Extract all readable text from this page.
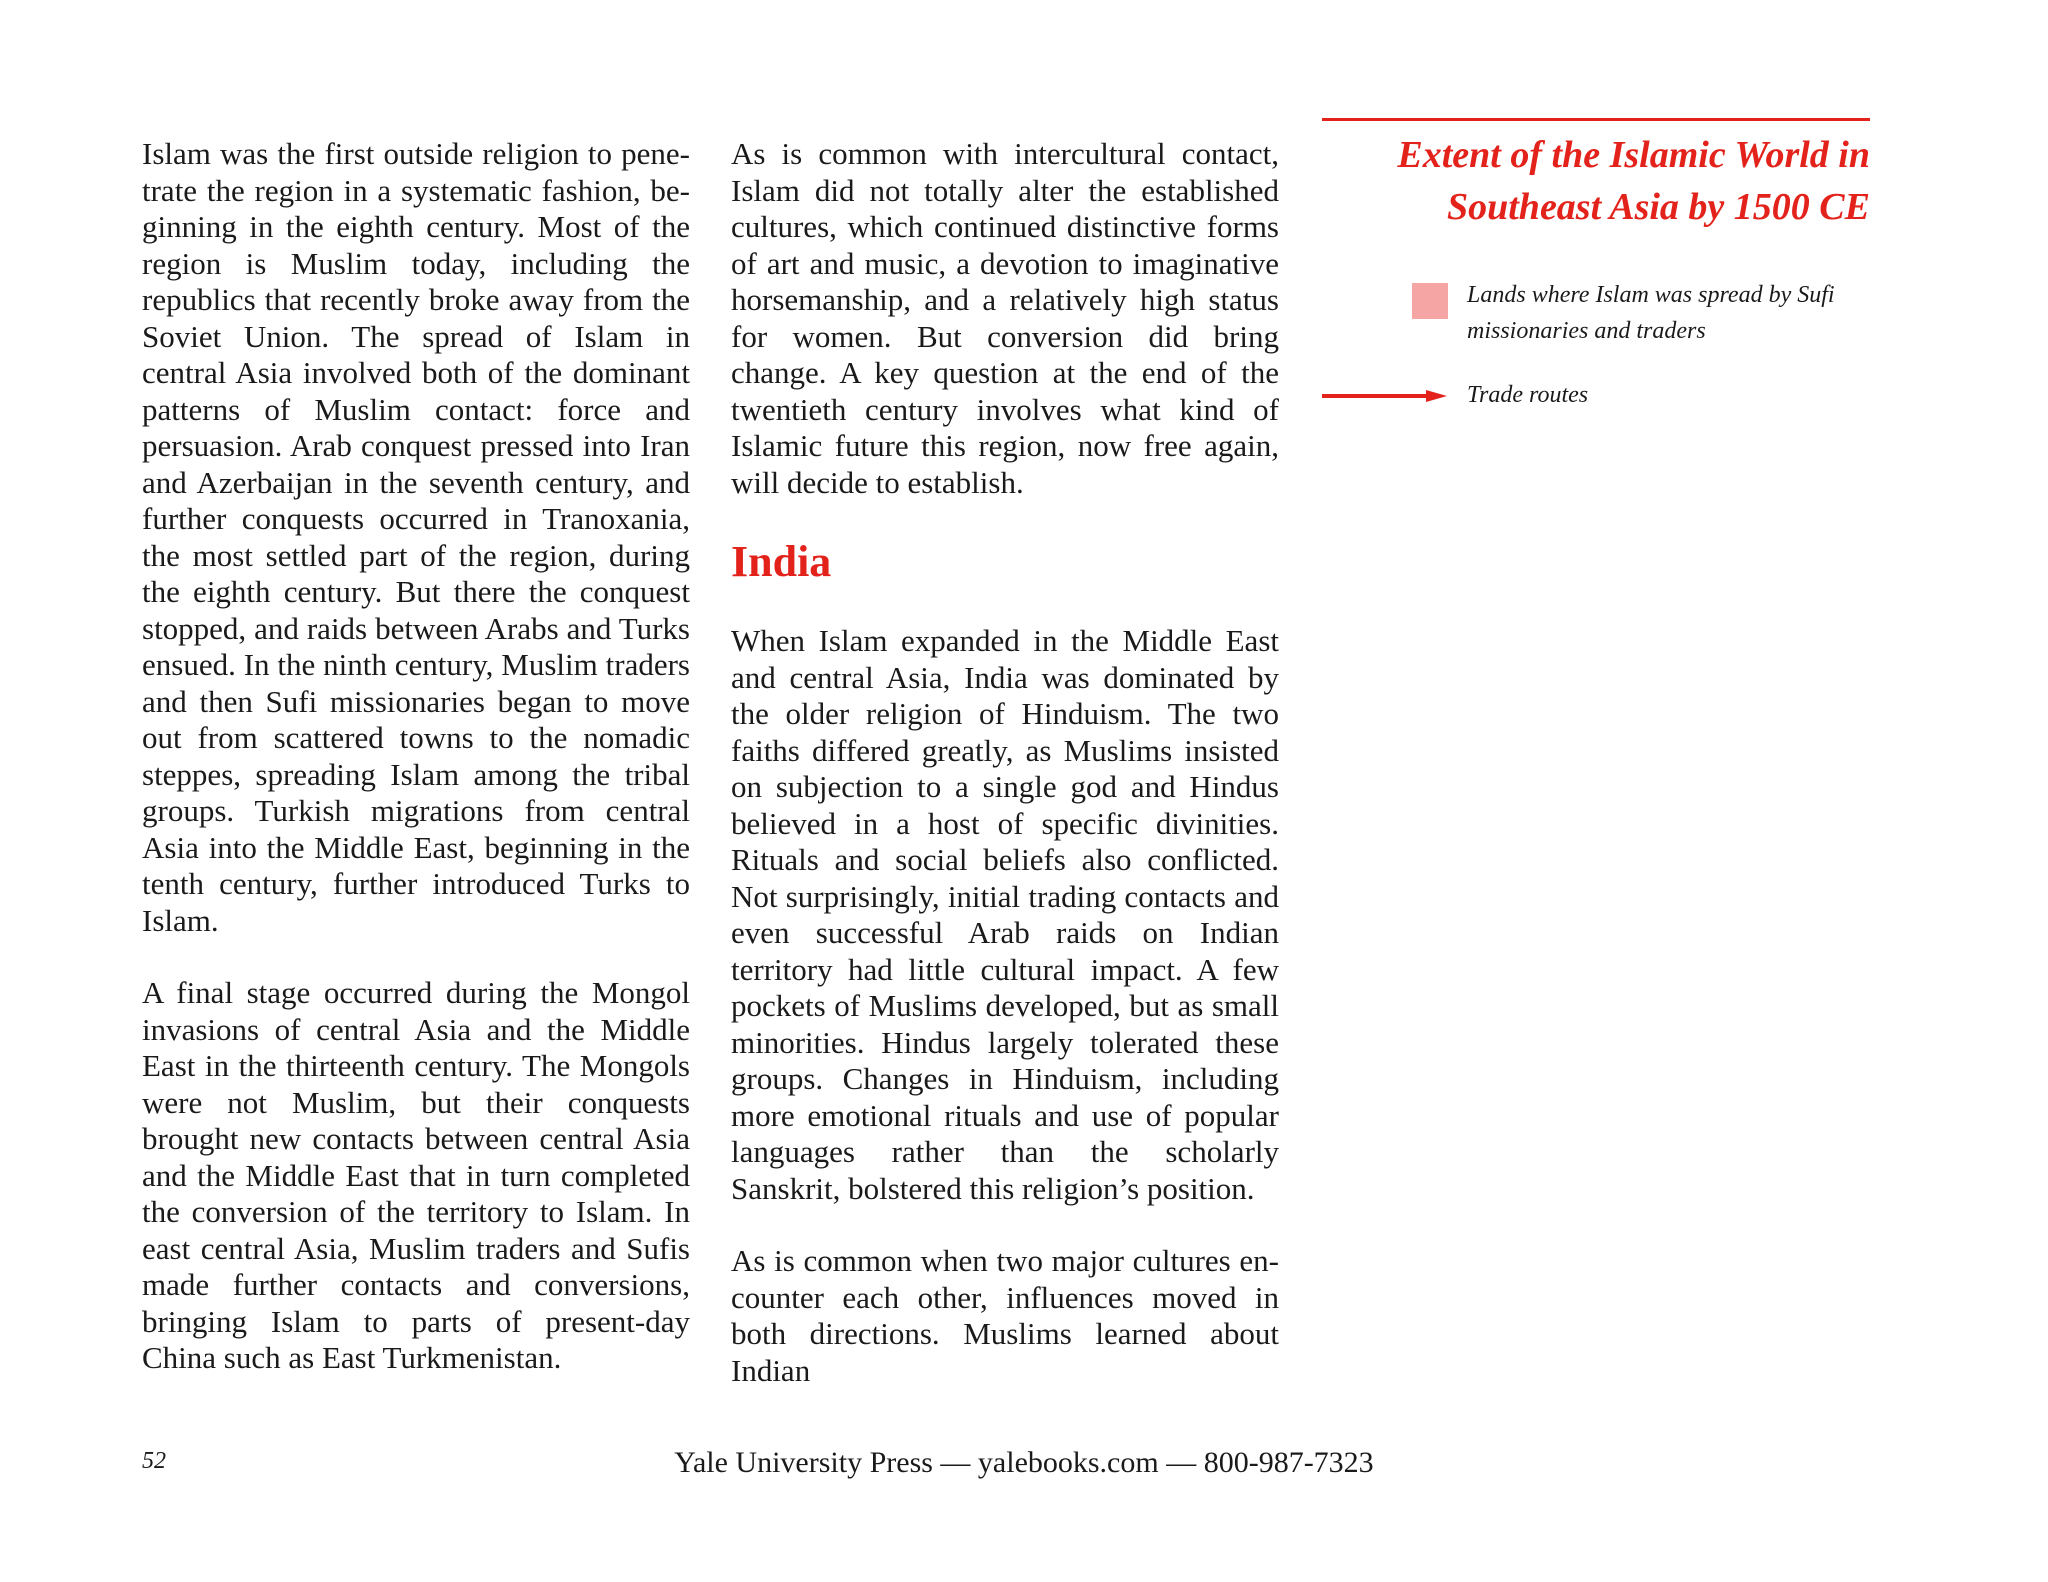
Islam was the first outside religion to penetrate the region in a systematic fashion, beginning in the eighth century. Most of the region is Muslim today, including the republics that recently broke away from the Soviet Union. The spread of Islam in central Asia involved both of the dominant patterns of Muslim contact: force and persuasion. Arab conquest pressed into Iran and Azerbaijan in the seventh century, and further conquests occurred in Tranoxania, the most settled part of the region, during the eighth century. But there the conquest stopped, and raids between Arabs and Turks ensued. In the ninth century, Muslim traders and then Sufi missionaries began to move out from scattered towns to the nomadic steppes, spreading Islam among the tribal groups. Turkish migrations from central Asia into the Middle East, beginning in the tenth century, further introduced Turks to Islam.

A final stage occurred during the Mongol invasions of central Asia and the Middle East in the thirteenth century. The Mongols were not Muslim, but their conquests brought new contacts between central Asia and the Middle East that in turn completed the conversion of the territory to Islam. In east central Asia, Muslim traders and Sufis made further contacts and conversions, bringing Islam to parts of present-day China such as East Turkmenistan.

As is common with intercultural contact, Islam did not totally alter the established cultures, which continued distinctive forms of art and music, a devotion to imaginative horsemanship, and a relatively high status for women. But conversion did bring change. A key question at the end of the twentieth century involves what kind of Islamic future this region, now free again, will decide to establish.

India

When Islam expanded in the Middle East and central Asia, India was dominated by the older religion of Hinduism. The two faiths differed greatly, as Muslims insisted on subjection to a single god and Hindus believed in a host of specific divinities. Rituals and social beliefs also conflicted. Not surprisingly, initial trading contacts and even successful Arab raids on Indian territory had little cultural impact. A few pockets of Muslims developed, but as small minorities. Hindus largely tolerated these groups. Changes in Hinduism, including more emotional rituals and use of popular languages rather than the scholarly Sanskrit, bolstered this religion’s position.

As is common when two major cultures encounter each other, influences moved in both directions. Muslims learned about Indian

Extent of the Islamic World in
Southeast Asia by 1500 CE
Lands where Islam was spread by Sufi missionaries and traders
Trade routes
52	Yale University Press — yalebooks.com — 800-987-7323
